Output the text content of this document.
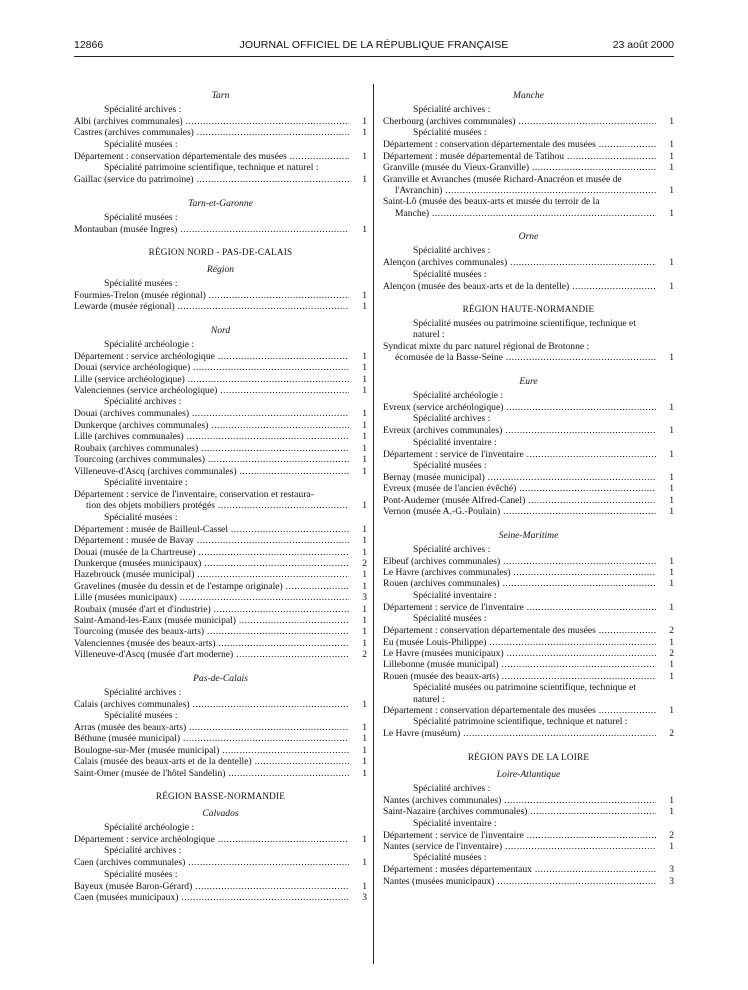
12866	JOURNAL OFFICIEL DE LA RÉPUBLIQUE FRANÇAISE	23 août 2000
Tarn
Spécialité archives :
Albi (archives communales) .....	1
Castres (archives communales) .....	1
Spécialité musées :
Département : conservation départementale des musées .....	1
Spécialité patrimoine scientifique, technique et naturel :
Gaillac (service du patrimoine) .....	1
Tarn-et-Garonne
Spécialité musées :
Montauban (musée Ingres) .....	1
RÉGION NORD - PAS-DE-CALAIS
Région
Spécialité musées :
Fourmies-Trelon (musée régional) .....	1
Lewarde (musée régional) .....	1
Nord
Spécialité archéologie :
Département : service archéologique .....	1
Douai (service archéologique) .....	1
Lille (service archéologique) .....	1
Valenciennes (service archéologique) .....	1
Spécialité archives :
Douai (archives communales) .....	1
Dunkerque (archives communales) .....	1
Lille (archives communales) .....	1
Roubaix (archives communales) .....	1
Tourcoing (archives communales) .....	1
Villeneuve-d'Ascq (archives communales) .....	1
Spécialité inventaire :
Département : service de l'inventaire, conservation et restaura-
tion des objets mobiliers protégés .....	1
Spécialité musées :
Département : musée de Bailleul-Cassel .....	1
Département : musée de Bavay .....	1
Douai (musée de la Chartreuse) .....	1
Dunkerque (musées municipaux) .....	2
Hazebrouck (musée municipal) .....	1
Gravelines (musée du dessin et de l'estampe originale) .....	1
Lille (musées municipaux) .....	3
Roubaix (musée d'art et d'industrie) .....	1
Saint-Amand-les-Eaux (musée municipal) .....	1
Tourcoing (musée des beaux-arts) .....	1
Valenciennes (musée des beaux-arts) .....	1
Villeneuve-d'Ascq (musée d'art moderne) .....	2
Pas-de-Calais
Spécialité archives :
Calais (archives communales) .....	1
Spécialité musées :
Arras (musée des beaux-arts) .....	1
Béthune (musée municipal) .....	1
Boulogne-sur-Mer (musée municipal) .....	1
Calais (musée des beaux-arts et de la dentelle) .....	1
Saint-Omer (musée de l'hôtel Sandelin) .....	1
RÉGION BASSE-NORMANDIE
Calvados
Spécialité archéologie :
Département : service archéologique .....	1
Spécialité archives :
Caen (archives communales) .....	1
Spécialité musées :
Bayeux (musée Baron-Gérard) .....	1
Caen (musées municipaux) .....	3
Manche
Spécialité archives :
Cherbourg (archives communales) .....	1
Spécialité musées :
Département : conservation départementale des musées .....	1
Département : musée départemental de Tatihou .....	1
Granville (musée du Vieux-Granville) .....	1
Granville et Avranches (musée Richard-Anacréon et musée de
l'Avranchin) .....	1
Saint-Lô (musée des beaux-arts et musée du terroir de la
Manche) .....	1
Orne
Spécialité archives :
Alençon (archives communales) .....	1
Spécialité musées :
Alençon (musée des beaux-arts et de la dentelle) .....	1
RÉGION HAUTE-NORMANDIE
Spécialité musées ou patrimoine scientifique, technique et naturel :
Syndicat mixte du parc naturel régional de Brotonne :
écomusée de la Basse-Seine .....	1
Eure
Spécialité archéologie :
Evreux (service archéologique) .....	1
Spécialité archives :
Evreux (archives communales) .....	1
Spécialité inventaire :
Département : service de l'inventaire .....	1
Spécialité musées :
Bernay (musée municipal) .....	1
Evreux (musée de l'ancien évêché) .....	1
Pont-Audemer (musée Alfred-Canel) .....	1
Vernon (musée A.-G.-Poulain) .....	1
Seine-Maritime
Spécialité archives :
Elbeuf (archives communales) .....	1
Le Havre (archives communales) .....	1
Rouen (archives communales) .....	1
Spécialité inventaire :
Département : service de l'inventaire .....	1
Spécialité musées :
Département : conservation départementale des musées .....	2
Eu (musée Louis-Philippe) .....	1
Le Havre (musées municipaux) .....	2
Lillebonne (musée municipal) .....	1
Rouen (musée des beaux-arts) .....	1
Spécialité musées ou patrimoine scientifique, technique et naturel :
Département : conservation départementale des musées .....	1
Spécialité patrimoine scientifique, technique et naturel :
Le Havre (muséum) .....	2
RÉGION PAYS DE LA LOIRE
Loire-Atlantique
Spécialité archives :
Nantes (archives communales) .....	1
Saint-Nazaire (archives communales) .....	1
Spécialité inventaire :
Département : service de l'inventaire .....	2
Nantes (service de l'inventaire) .....	1
Spécialité musées :
Département : musées départementaux .....	3
Nantes (musées municipaux) .....	3
